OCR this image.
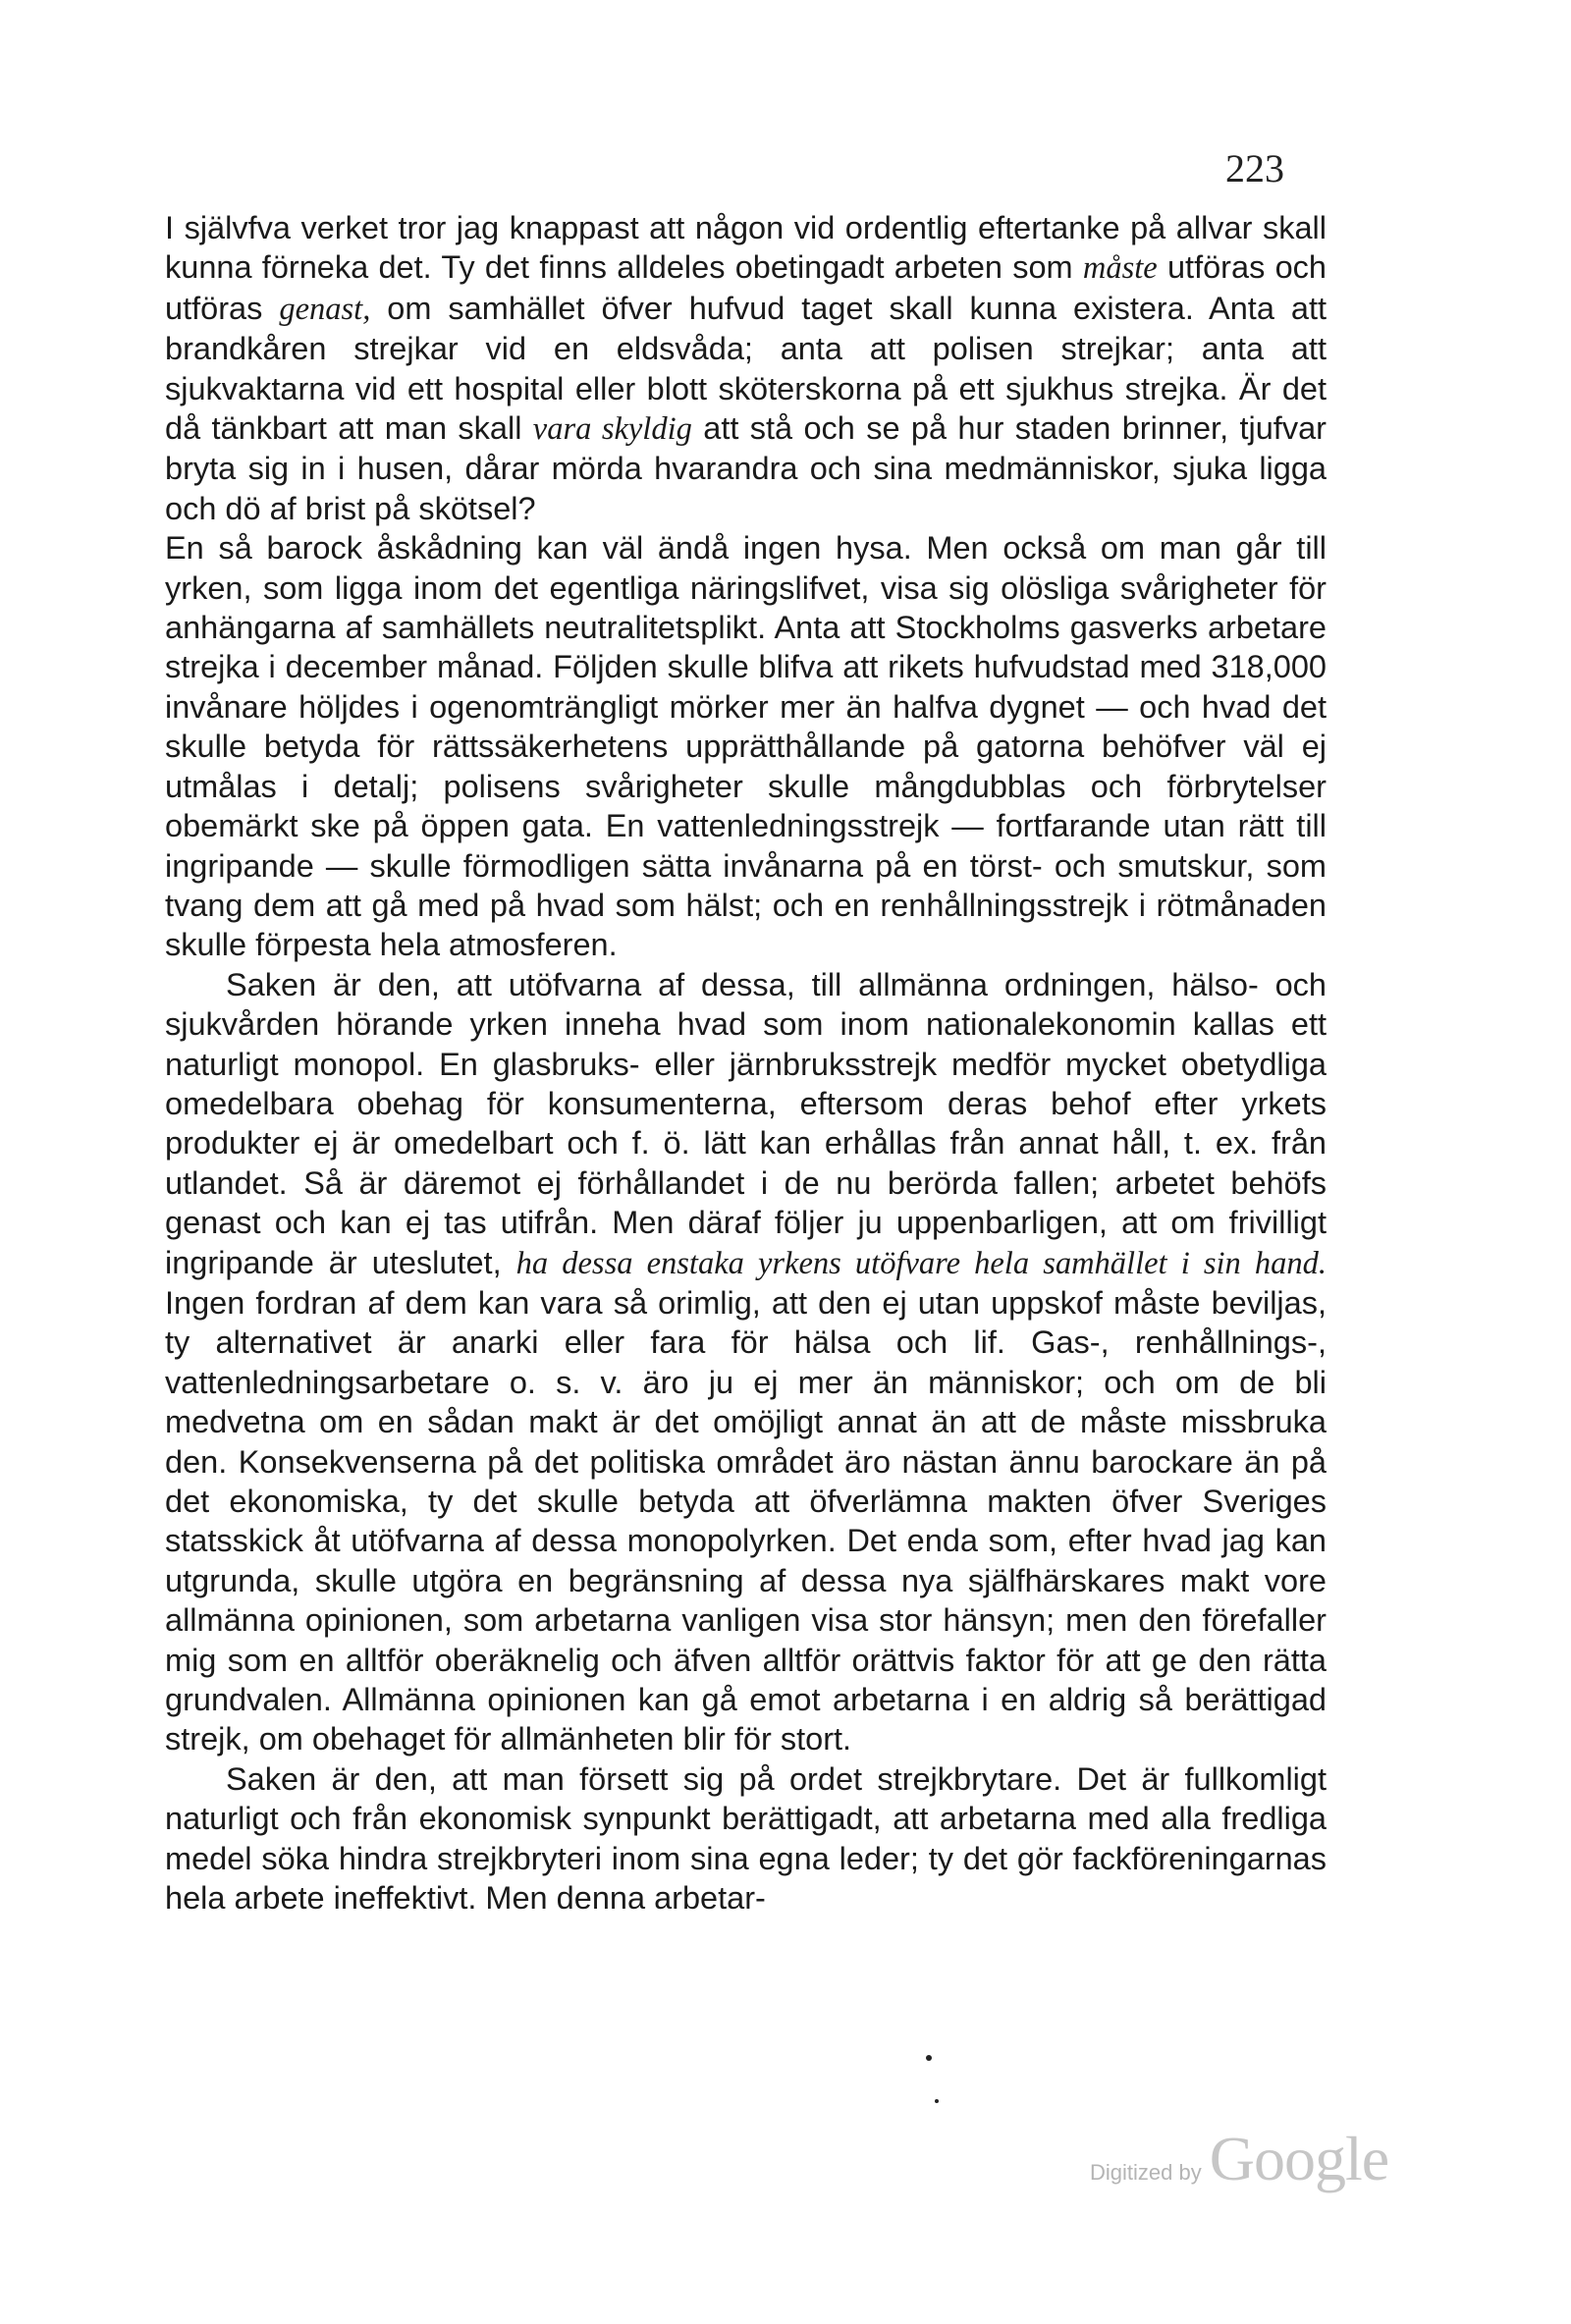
223

I självfva verket tror jag knappast att någon vid ordentlig eftertanke på allvar skall kunna förneka det. Ty det finns alldeles obetingadt arbeten som måste utföras och utföras genast, om samhället öfver hufvud taget skall kunna existera. Anta att brandkåren strejkar vid en eldsvåda; anta att polisen strejkar; anta att sjukvaktarna vid ett hospital eller blott sköterskorna på ett sjukhus strejka. Är det då tänkbart att man skall vara skyldig att stå och se på hur staden brinner, tjufvar bryta sig in i husen, dårar mörda hvarandra och sina medmänniskor, sjuka ligga och dö af brist på skötsel?

En så barock åskådning kan väl ändå ingen hysa. Men också om man går till yrken, som ligga inom det egentliga näringslifvet, visa sig olösliga svårigheter för anhängarna af samhällets neutralitetsplikt. Anta att Stockholms gasverks arbetare strejka i december månad. Följden skulle blifva att rikets hufvudstad med 318,000 invånare höljdes i ogenomträngligt mörker mer än halfva dygnet — och hvad det skulle betyda för rättssäkerhetens upprätthållande på gatorna behöfver väl ej utmålas i detalj; polisens svårigheter skulle mångdubblas och förbrytelser obemärkt ske på öppen gata. En vattenledningsstrejk — fortfarande utan rätt till ingripande — skulle förmodligen sätta invånarna på en törst- och smutskur, som tvang dem att gå med på hvad som hälst; och en renhållningsstrejk i rötmånaden skulle förpesta hela atmosferen.

Saken är den, att utöfvarna af dessa, till allmänna ordningen, hälso- och sjukvården hörande yrken inneha hvad som inom nationalekonomin kallas ett naturligt monopol. En glasbruks- eller järnbruksstrejk medför mycket obetydliga omedelbara obehag för konsumenterna, eftersom deras behof efter yrkets produkter ej är omedelbart och f. ö. lätt kan erhållas från annat håll, t. ex. från utlandet. Så är däremot ej förhållandet i de nu berörda fallen; arbetet behöfs genast och kan ej tas utifrån. Men däraf följer ju uppenbarligen, att om frivilligt ingripande är uteslutet, ha dessa enstaka yrkens utöfvare hela samhället i sin hand. Ingen fordran af dem kan vara så orimlig, att den ej utan uppskof måste beviljas, ty alternativet är anarki eller fara för hälsa och lif. Gas-, renhållnings-, vattenledningsarbetare o. s. v. äro ju ej mer än människor; och om de bli medvetna om en sådan makt är det omöjligt annat än att de måste missbruka den. Konsekvenserna på det politiska området äro nästan ännu barockare än på det ekonomiska, ty det skulle betyda att öfverlämna makten öfver Sveriges statsskick åt utöfvarna af dessa monopolyrken. Det enda som, efter hvad jag kan utgrunda, skulle utgöra en begränsning af dessa nya själfhärskares makt vore allmänna opinionen, som arbetarna vanligen visa stor hänsyn; men den förefaller mig som en alltför oberäknelig och äfven alltför orättvis faktor för att ge den rätta grundvalen. Allmänna opinionen kan gå emot arbetarna i en aldrig så berättigad strejk, om obehaget för allmänheten blir för stort.

Saken är den, att man försett sig på ordet strejkbrytare. Det är fullkomligt naturligt och från ekonomisk synpunkt berättigadt, att arbetarna med alla fredliga medel söka hindra strejkbryteri inom sina egna leder; ty det gör fackföreningarnas hela arbete ineffektivt. Men denna arbetar-

Digitized by Google
